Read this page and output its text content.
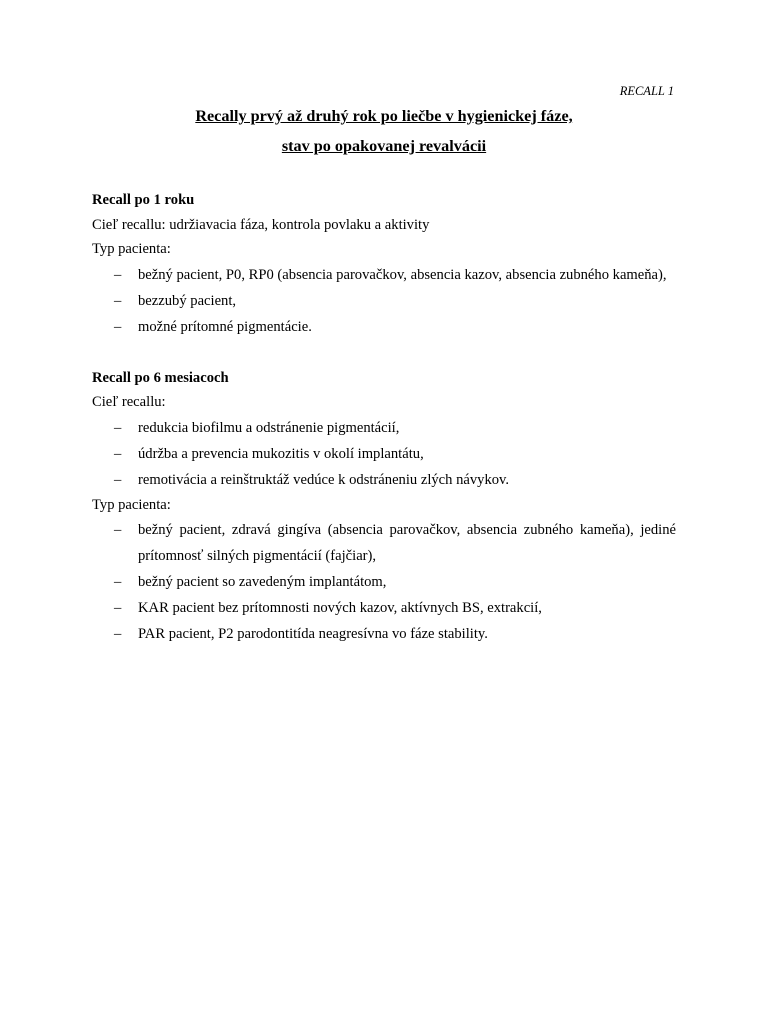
RECALL 1
Recally prvý až druhý rok po liečbe v hygienickej fáze,
stav po opakovanej revalvácii

Recall po 1 roku

Cieľ recallu: udržiavacia fáza, kontrola povlaku a aktivity

Typ pacienta:

– bežný pacient, P0, RP0 (absencia parovačkov, absencia kazov, absencia zubného kameňa),

– bezzubý pacient,

– možné prítomné pigmentácie.

Recall po 6 mesiacoch

Cieľ recallu:

– redukcia biofilmu a odstránenie pigmentácií,

– údržba a prevencia mukozitis v okolí implantátu,

– remotivácia a reinštruktáž vedúce k odstráneniu zlých návykov.

Typ pacienta:

– bežný pacient, zdravá gingíva (absencia parovačkov, absencia zubného kameňa), jediné prítomnosť silných pigmentácií (fajčiar),

– bežný pacient so zavedeným implantátom,

– KAR pacient bez prítomnosti nových kazov, aktívnych BS, extrakcií,

– PAR pacient, P2 parodontitída neagresívna vo fáze stability.
